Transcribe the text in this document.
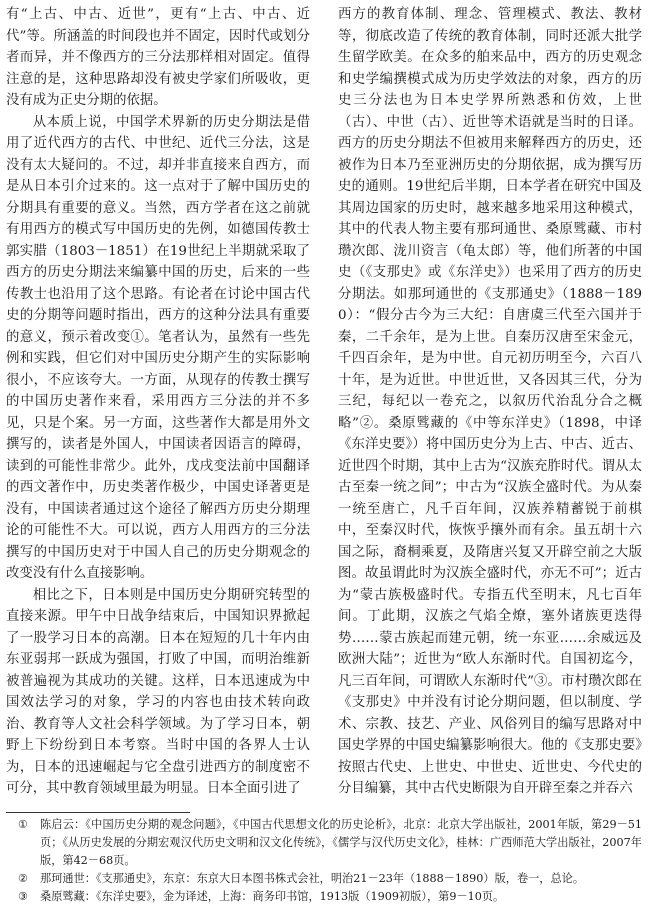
有“上古、中古、近世”，更有“上古、中古、近代”等。所涵盖的时间段也并不固定，因时代或划分者而异，并不像西方的三分法那样相对固定。值得注意的是，这种思路却没有被史学家们所吸收，更没有成为正史分期的依据。

从本质上说，中国学术界新的历史分期法是借用了近代西方的古代、中世纪、近代三分法，这是没有太大疑问的。不过，却并非直接来自西方，而是从日本引介过来的。这一点对于了解中国历史的分期具有重要的意义。当然，西方学者在这之前就有用西方的模式写中国历史的先例，如德国传教士郭实腊（1803－1851）在19世纪上半期就采取了西方的历史分期法来编纂中国的历史，后来的一些传教士也沿用了这个思路。有论者在讨论中国古代史的分期等问题时指出，西方的这种分法具有重要的意义，预示着改变①。笔者认为，虽然有一些先例和实践，但它们对中国历史分期产生的实际影响很小，不应该夸大。一方面，从现存的传教士撰写的中国历史著作来看，采用西方三分法的并不多见，只是个案。另一方面，这些著作大都是用外文撰写的，读者是外国人，中国读者因语言的障碍，读到的可能性非常少。此外，戊戌变法前中国翻译的西文著作中，历史类著作极少，中国史译著更是没有，中国读者通过这个途径了解西方历史分期理论的可能性不大。可以说，西方人用西方的三分法撰写的中国历史对于中国人自己的历史分期观念的改变没有什么直接影响。

相比之下，日本则是中国历史分期研究转型的直接来源。甲午中日战争结束后，中国知识界掀起了一股学习日本的高潮。日本在短短的几十年内由东亚弱邦一跃成为强国，打败了中国，而明治维新被普遍视为其成功的关键。这样，日本迅速成为中国效法学习的对象，学习的内容也由技术转向政治、教育等人文社会科学领域。为了学习日本，朝野上下纷纷到日本考察。当时中国的各界人士认为，日本的迅速崛起与它全盘引进西方的制度密不可分，其中教育领域里最为明显。日本全面引进了

西方的教育体制、理念、管理模式、教法、教材等，彻底改造了传统的教育体制，同时还派大批学生留学欧美。在众多的舶来品中，西方的历史观念和史学编撰模式成为历史学效法的对象，西方的历史三分法也为日本史学界所熟悉和仿效，上世（古）、中世（古）、近世等术语就是当时的日译。西方的历史分期法不但被用来解释西方的历史，还被作为日本乃至亚洲历史的分期依据，成为撰写历史的通则。19世纪后半期，日本学者在研究中国及其周边国家的历史时，越来越多地采用这种模式，其中的代表人物主要有那珂通世、桑原骘藏、市村瓒次郎、泷川资言（龟太郎）等，他们所著的中国史（《支那史》或《东洋史》）也采用了西方的历史分期法。如那珂通世的《支那通史》（1888－1890）：“假分古今为三大纪：自唐虞三代至六国并于秦，二千余年，是为上世。自秦历汉唐至宋金元，千四百余年，是为中世。自元初历明至今，六百八十年，是为近世。中世近世，又各因其三代，分为三纪，每纪以一卷充之，以叙历代治乱分合之概略”②。桑原骘藏的《中等东洋史》（1898，中译《东洋史要》）将中国历史分为上古、中古、近古、近世四个时期，其中上古为“汉族充胙时代。谓从太古至秦一统之间”；中古为“汉族全盛时代。为从秦一统至唐亡，凡千百年间，汉族养精蓄锐于前棋中，至秦汉时代，恢恢乎攘外而有余。虽五胡十六国之际，裔桐乘夏，及隋唐兴复又开辟空前之大版图。故虽谓此时为汉族全盛时代，亦无不可”；近古为“蒙古族极盛时代。专指五代至明末，凡七百年间。丁此期，汉族之气焰全燎，塞外诸族更迭得势……蒙古族起而建元朝，统一东亚……余威远及欧洲大陆”；近世为“欧人东渐时代。自国初迄今，凡三百年间，可谓欧人东渐时代”③。市村瓒次郎在《支那史》中并没有讨论分期问题，但以制度、学术、宗教、技艺、产业、风俗列目的编写思路对中国史学界的中国史编纂影响很大。他的《支那史要》按照古代史、上世史、中世史、近世史、今代史的分目编纂，其中古代史断限为自开辟至秦之并吞六

①	陈启云：《中国历史分期的观念问题》，《中国古代思想文化的历史论析》，北京：北京大学出版社，2001年版，第29－51页；《从历史发展的分期宏观汉代历史文明和汉文化传统》，《儒学与汉代历史文化》，桂林：广西师范大学出版社，2007年版，第42－68页。
②	那珂通世：《支那通史》，东京：东京大日本图书株式会社，明治21－23年（1888－1890）版，卷一，总论。
③	桑原骘藏：《东洋史要》，金为译述，上海：商务印书馆，1913版（1909初版），第9－10页。
